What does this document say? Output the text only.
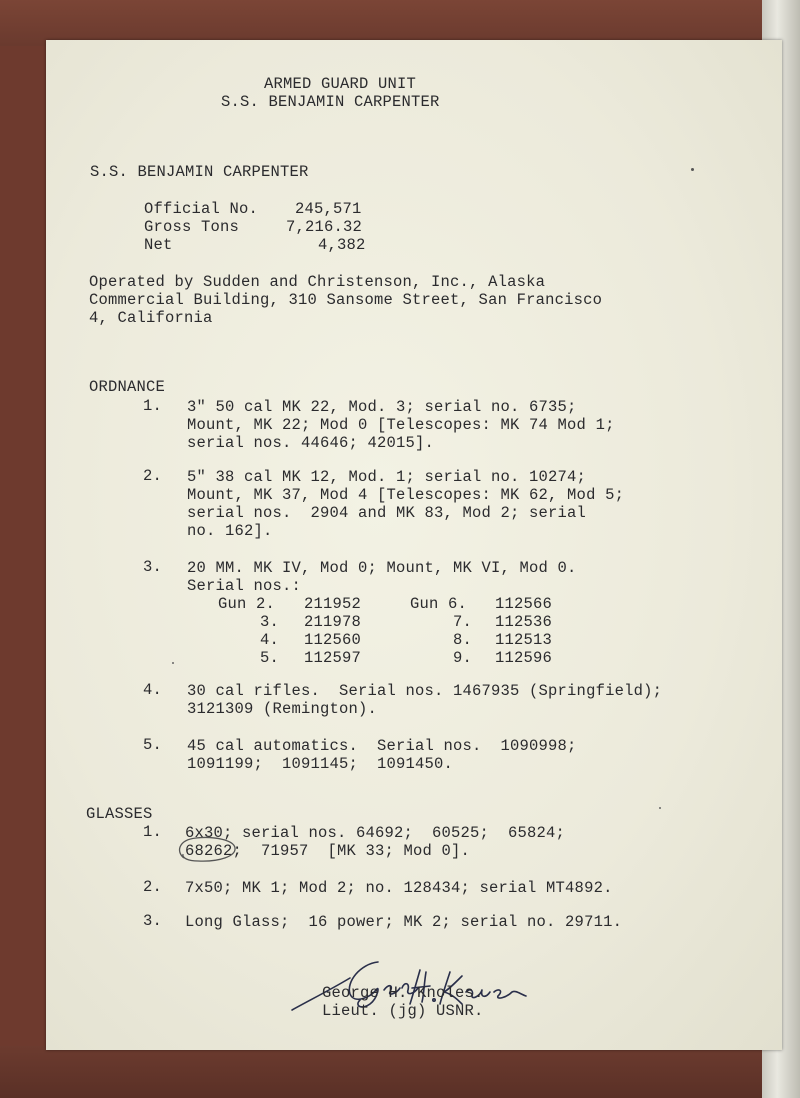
ARMED GUARD UNIT
S.S. BENJAMIN CARPENTER
S.S. BENJAMIN CARPENTER
Official No. 245,571
Gross Tons	7,216.32
Net	4,382
Operated by Sudden and Christenson, Inc., Alaska
Commercial Building, 310 Sansome Street, San Francisco
4, California
ORDNANCE
1. 3" 50 cal MK 22, Mod. 3; serial no. 6735;
Mount, MK 22; Mod 0 [Telescopes: MK 74 Mod 1;
serial nos. 44646; 42015].
2. 5" 38 cal MK 12, Mod. 1; serial no. 10274;
Mount, MK 37, Mod 4 [Telescopes: MK 62, Mod 5;
serial nos.  2904 and MK 83, Mod 2; serial
no. 162].
3. 20 MM. MK IV, Mod 0; Mount, MK VI, Mod 0.
Serial nos.:
Gun 2. 211952
3. 211978
4. 112560
5. 112597
Gun 6. 112566
7. 112536
8. 112513
9. 112596
4. 30 cal rifles.  Serial nos. 1467935 (Springfield);
3121309 (Remington).
5. 45 cal automatics.  Serial nos.  1090998;
1091199;  1091145;  1091450.
GLASSES
1. 6x30; serial nos. 64692;  60525;  65824;
68262;  71957  [MK 33; Mod 0].
2. 7x50; MK 1; Mod 2; no. 128434; serial MT4892.
3. Long Glass;  16 power; MK 2; serial no. 29711.
George H. Knoles.
Lieut. (jg) USNR.
